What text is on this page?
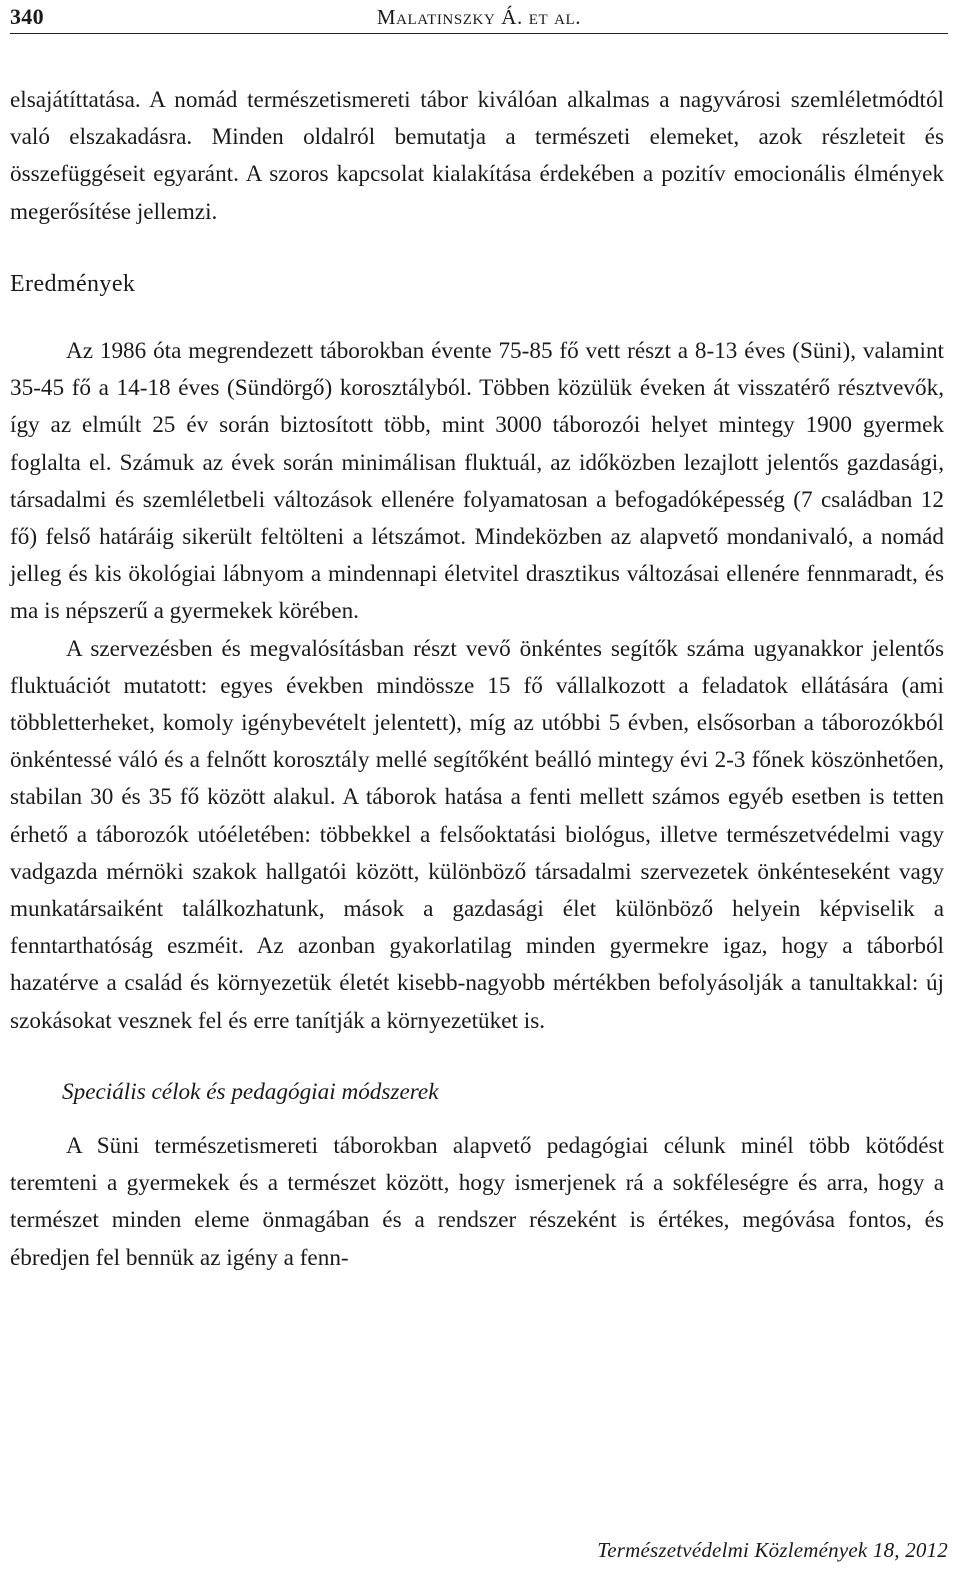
340	Malatinszky Á. et al.

elsajátíttatása. A nomád természetismereti tábor kiválóan alkalmas a nagyvárosi szemléletmódtól való elszakadásra. Minden oldalról bemutatja a természeti elemeket, azok részleteit és összefüggéseit egyaránt. A szoros kapcsolat kialakítása érdekében a pozitív emocionális élmények megerősítése jellemzi.

Eredmények

Az 1986 óta megrendezett táborokban évente 75-85 fő vett részt a 8-13 éves (Süni), valamint 35-45 fő a 14-18 éves (Sündörgő) korosztályból. Többen közülük éveken át visszatérő résztvevők, így az elmúlt 25 év során biztosított több, mint 3000 táborozói helyet mintegy 1900 gyermek foglalta el. Számuk az évek során minimálisan fluktuál, az időközben lezajlott jelentős gazdasági, társadalmi és szemléletbeli változások ellenére folyamatosan a befogadóképesség (7 családban 12 fő) felső határáig sikerült feltölteni a létszámot. Mindeközben az alapvető mondanivaló, a nomád jelleg és kis ökológiai lábnyom a mindennapi életvitel drasztikus változásai ellenére fennmaradt, és ma is népszerű a gyermekek körében.

A szervezésben és megvalósításban részt vevő önkéntes segítők száma ugyanakkor jelentős fluktuációt mutatott: egyes években mindössze 15 fő vállalkozott a feladatok ellátására (ami többletterheket, komoly igénybevételt jelentett), míg az utóbbi 5 évben, elsősorban a táborozókból önkéntessé váló és a felnőtt korosztály mellé segítőként beálló mintegy évi 2-3 főnek köszönhetően, stabilan 30 és 35 fő között alakul. A táborok hatása a fenti mellett számos egyéb esetben is tetten érhető a táborozók utóéletében: többekkel a felsőoktatási biológus, illetve természetvédelmi vagy vadgazda mérnöki szakok hallgatói között, különböző társadalmi szervezetek önkénteseként vagy munkatársaiként találkozhatunk, mások a gazdasági élet különböző helyein képviselik a fenntarthatóság eszméit. Az azonban gyakorlatilag minden gyermekre igaz, hogy a táborból hazatérve a család és környezetük életét kisebb-nagyobb mértékben befolyásolják a tanultakkal: új szokásokat vesznek fel és erre tanítják a környezetüket is.

Speciális célok és pedagógiai módszerek

A Süni természetismereti táborokban alapvető pedagógiai célunk minél több kötődést teremteni a gyermekek és a természet között, hogy ismerjenek rá a sokféleségre és arra, hogy a természet minden eleme önmagában és a rendszer részeként is értékes, megóvása fontos, és ébredjen fel bennük az igény a fenn-

Természetvédelmi Közlemények 18, 2012
